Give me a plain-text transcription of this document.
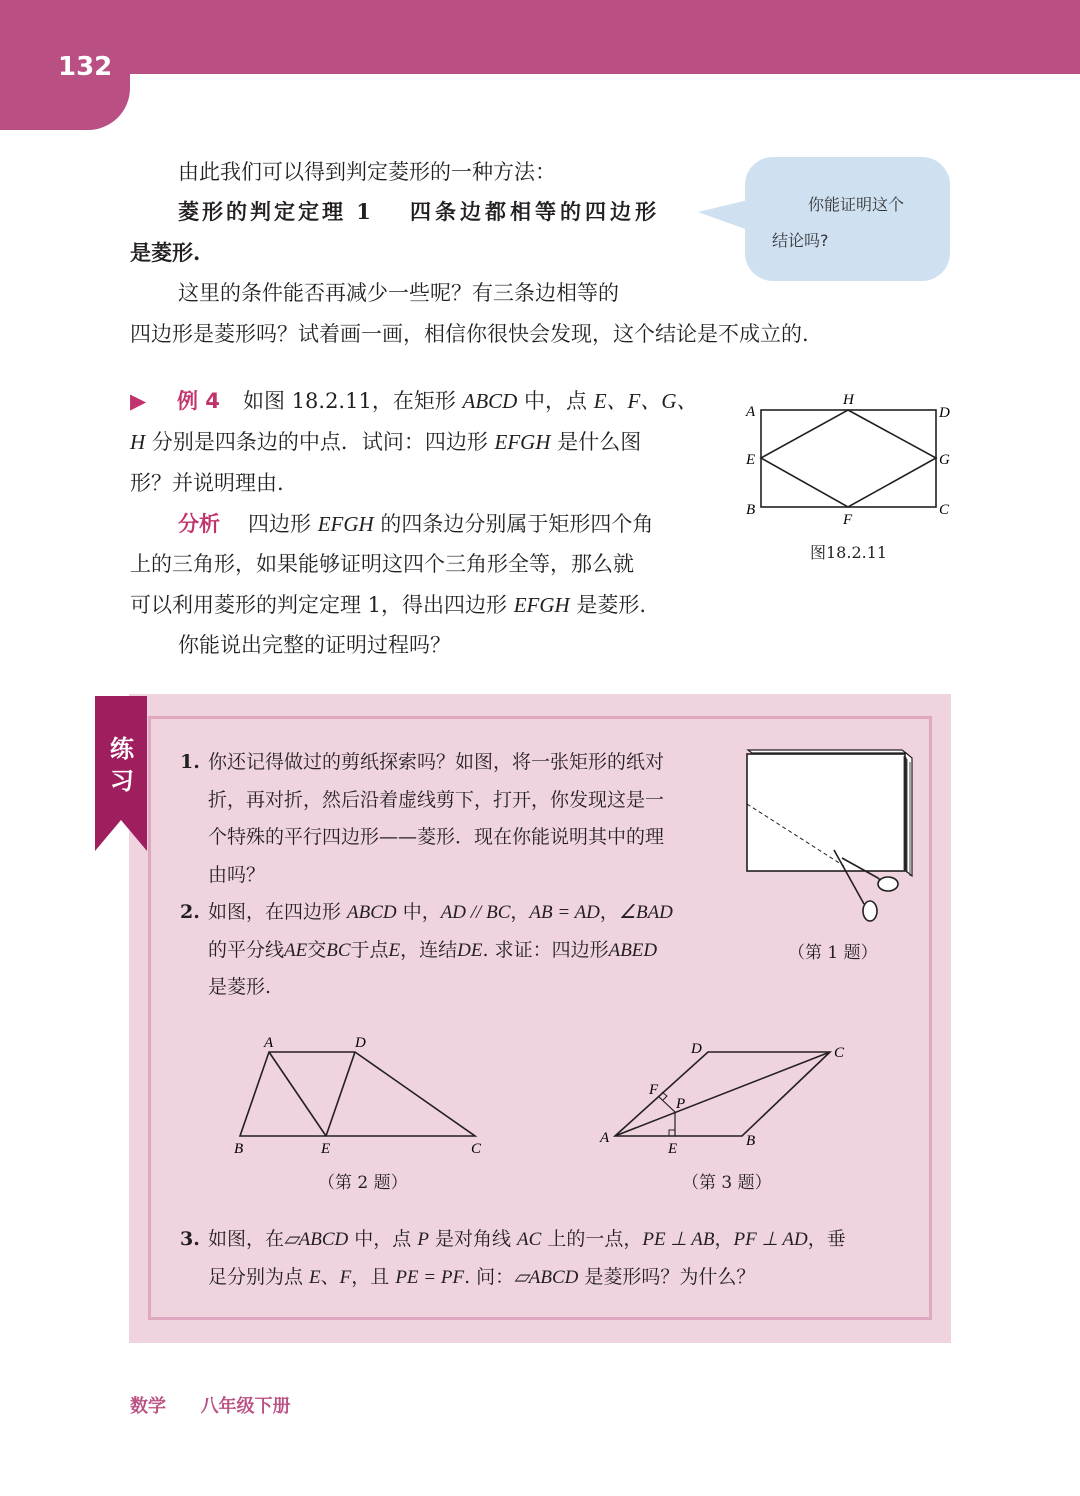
132
由此我们可以得到判定菱形的一种方法：
菱形的判定定理 1 四条边都相等的四边形
是菱形.
这里的条件能否再减少一些呢？有三条边相等的
四边形是菱形吗？试着画一画，相信你很快会发现，这个结论是不成立的.
你能证明这个
结论吗?
▶ 例 4 如图 18.2.11，在矩形 ABCD 中，点 E、F、G、
H 分别是四条边的中点．试问：四边形 EFGH 是什么图
形？并说明理由.
分析 四边形 EFGH 的四条边分别属于矩形四个角
上的三角形，如果能够证明这四个三角形全等，那么就
可以利用菱形的判定定理 1，得出四边形 EFGH 是菱形.
你能说出完整的证明过程吗？
A
H
D
E	G
B
F
C
图18.2.11
练
习
1. 你还记得做过的剪纸探索吗？如图，将一张矩形的纸对
折，再对折，然后沿着虚线剪下，打开，你发现这是一
个特殊的平行四边形——菱形．现在你能说明其中的理
由吗？
（第 1 题）
2. 如图，在四边形 ABCD 中，AD // BC，AB = AD，∠BAD
的平分线AE交BC于点E，连结DE. 求证：四边形ABED
是菱形.
A	D
B	E	C
（第 2 题）
D	C
F
P
A
E	B
（第 3 题）
3. 如图，在▱ABCD 中，点 P 是对角线 AC 上的一点，PE ⊥ AB，PF ⊥ AD，垂
足分别为点 E、F，且 PE = PF. 问：▱ABCD 是菱形吗？为什么？
数学 八年级下册
